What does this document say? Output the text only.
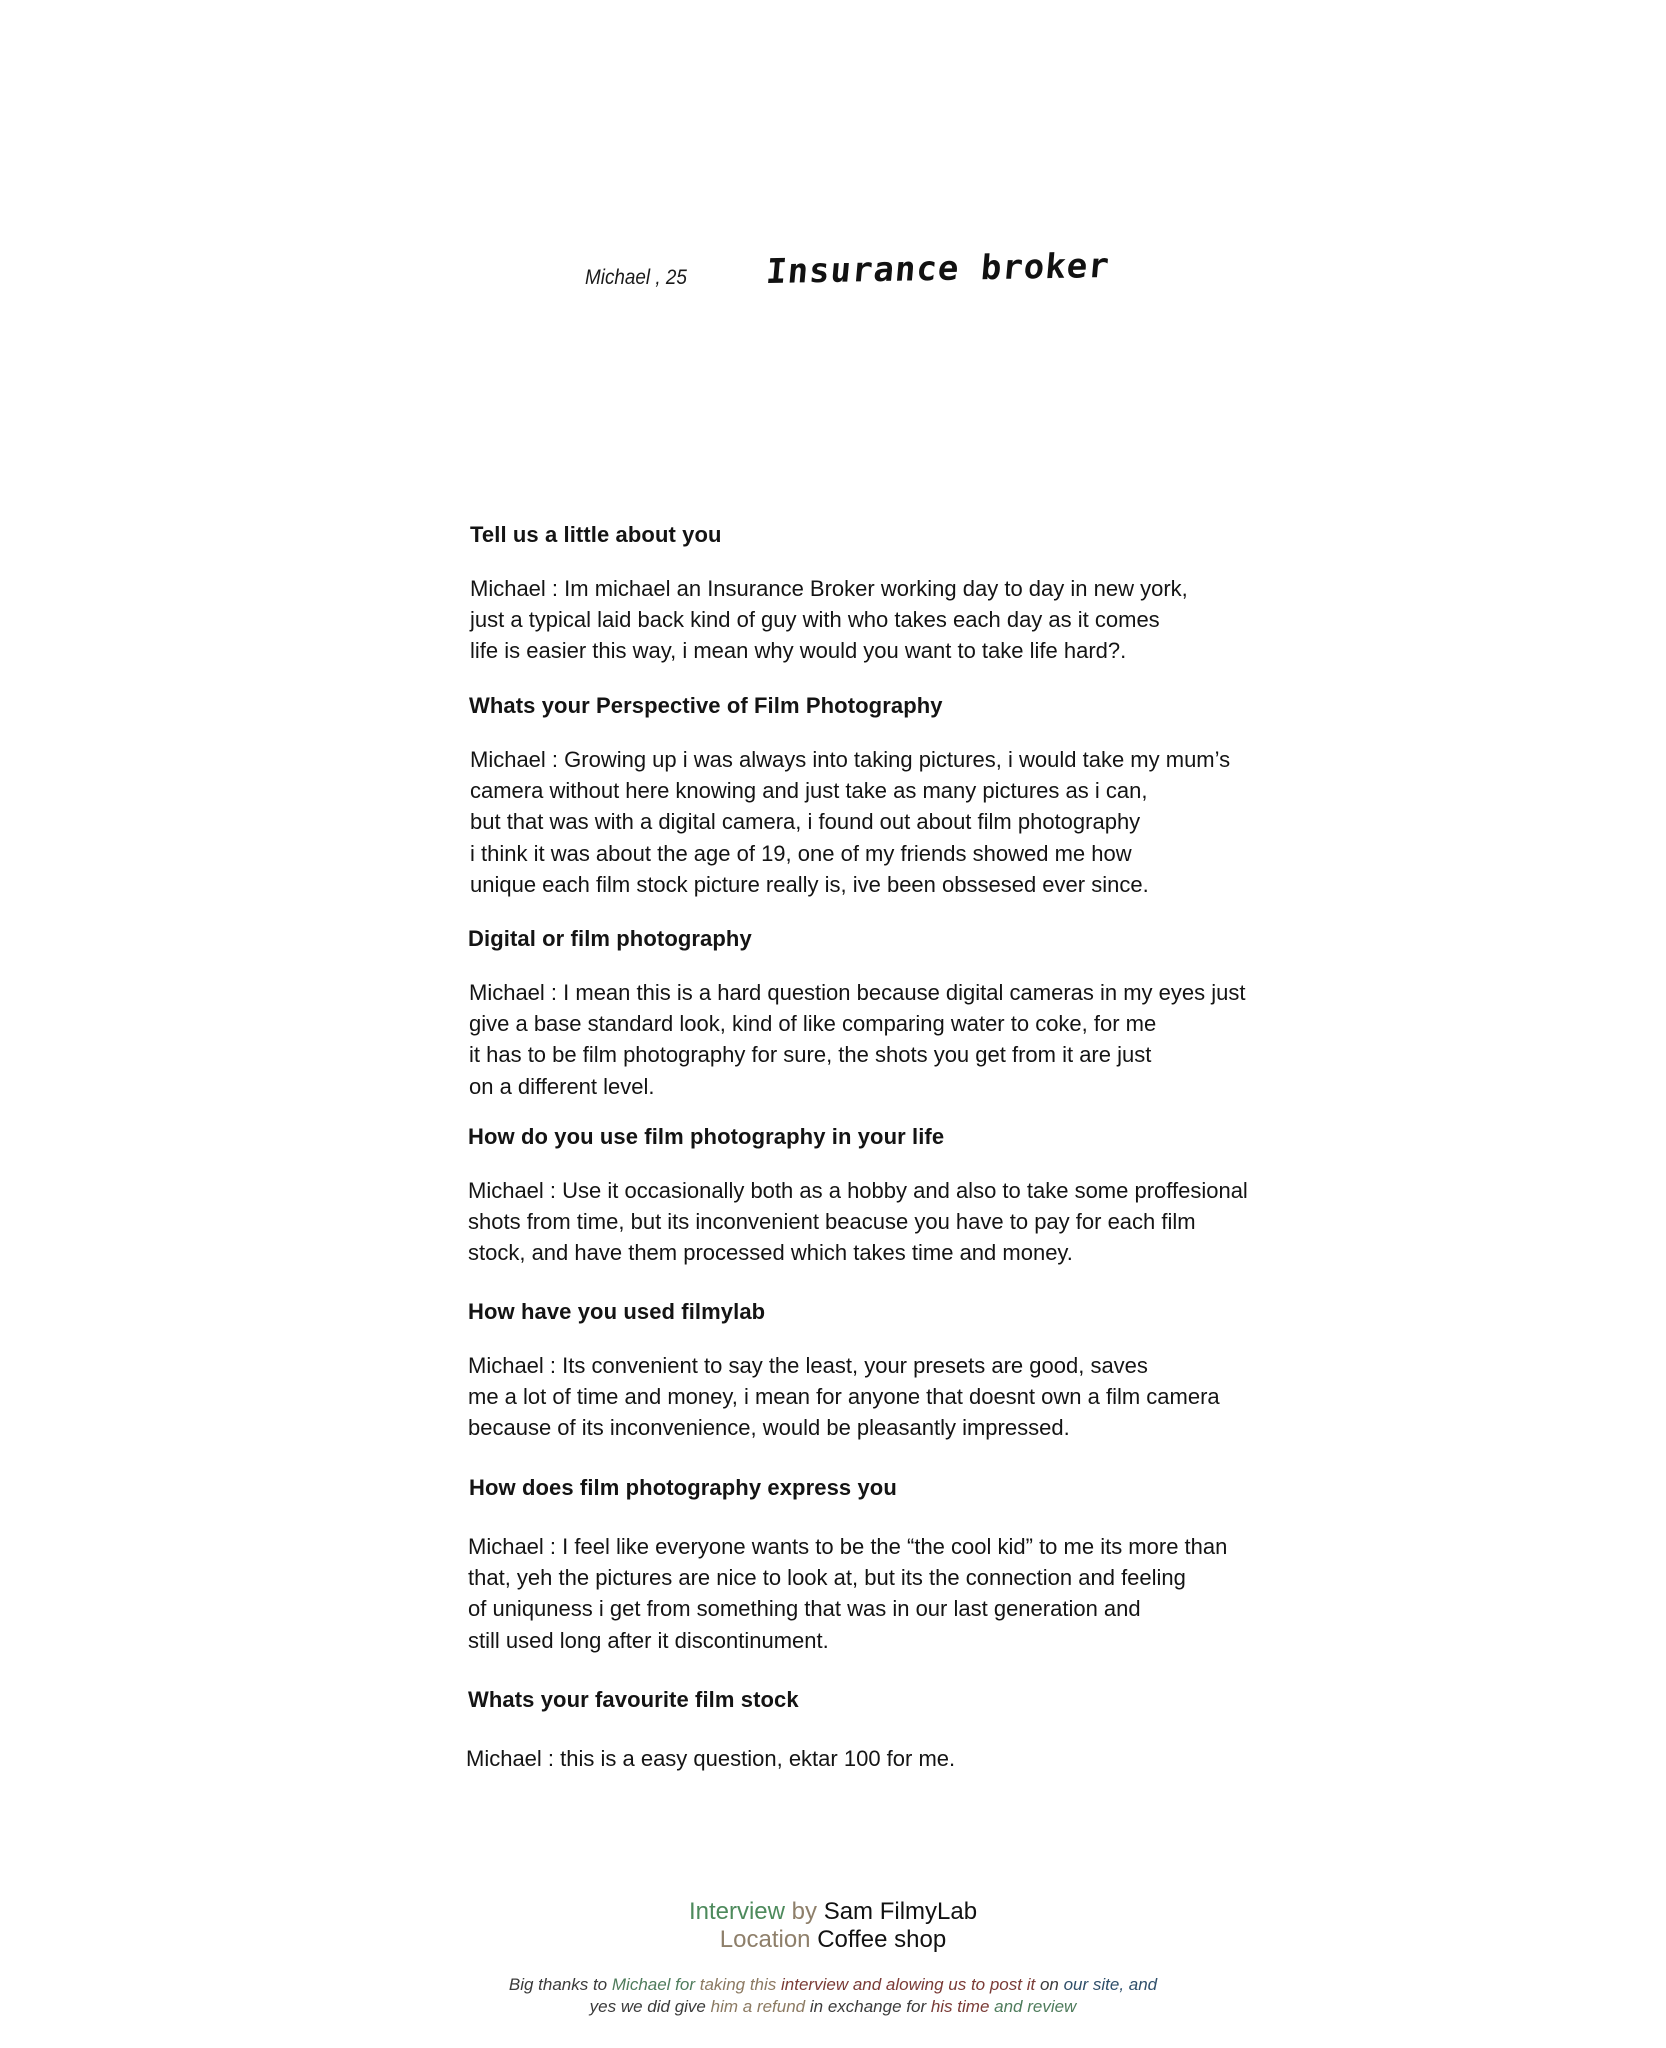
Michael , 25 Insurance broker
Tell us a little about you
Michael : Im michael an Insurance Broker working day to day in new york,
just a typical laid back kind of guy with who takes each day as it comes
life is easier this way, i mean why would you want to take life hard?.
Whats your Perspective of Film Photography
Michael : Growing up i was always into taking pictures, i would take my mum’s
camera without here knowing and just take as many pictures as i can,
but that was with a digital camera, i found out about film photography
i think it was about the age of 19, one of my friends showed me how
unique each film stock picture really is, ive been obssesed ever since.
Digital or film photography
Michael : I mean this is a hard question because digital cameras in my eyes just
give a base standard look, kind of like comparing water to coke, for me
it has to be film photography for sure, the shots you get from it are just
on a different level.
How do you use film photography in your life
Michael : Use it occasionally both as a hobby and also to take some proffesional
shots from time, but its inconvenient beacuse you have to pay for each film
stock, and have them processed which takes time and money.
How have you used filmylab
Michael : Its convenient to say the least, your presets are good, saves
me a lot of time and money, i mean for anyone that doesnt own a film camera
because of its inconvenience, would be pleasantly impressed.
How does film photography express you
Michael : I feel like everyone wants to be the “the cool kid” to me its more than
that, yeh the pictures are nice to look at, but its the connection and feeling
of uniquness i get from something that was in our last generation and
still used long after it discontinument.
Whats your favourite film stock
Michael : this is a easy question, ektar 100 for me.
Interview by Sam FilmyLab
Location Coffee shop
Big thanks to Michael for taking this interview and alowing us to post it on our site, and
yes we did give him a refund in exchange for his time and review
